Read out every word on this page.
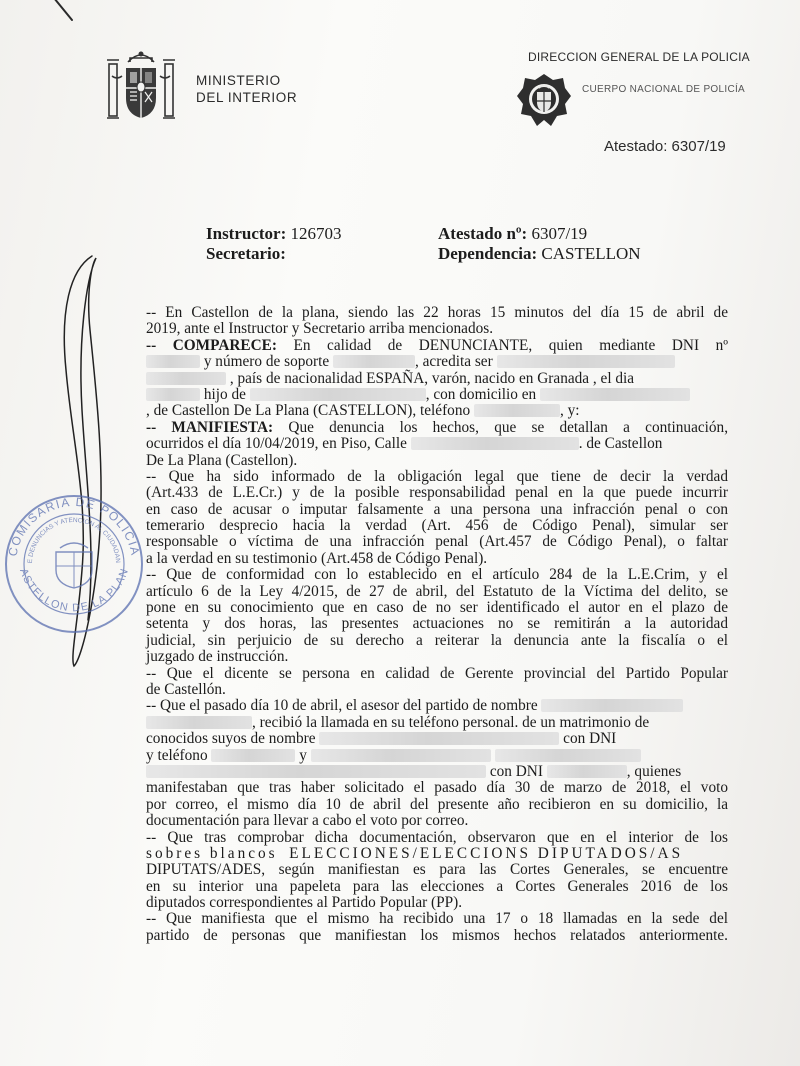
MINISTERIO
DEL INTERIOR
DIRECCION GENERAL DE LA POLICIA
CUERPO NACIONAL DE POLICÍA
Atestado: 6307/19
Instructor: 126703
Secretario:
Atestado nº: 6307/19
Dependencia: CASTELLON
COMISARIA DE POLICIA
E DENUNCIAS Y ATENCION AL CIUDADAN
ASTELLON DE LA PLAN
-- En Castellon de la plana, siendo las 22 horas 15 minutos del día 15 de abril de
2019, ante el Instructor y Secretario arriba mencionados.
-- COMPARECE: En calidad de DENUNCIANTE, quien mediante DNI nº
y número de soporte	, acredita ser
, país de nacionalidad ESPAÑA, varón, nacido en Granada , el dia
hijo de	, con domicilio en
, de Castellon De La Plana (CASTELLON), teléfono	, y:
-- MANIFIESTA: Que denuncia los hechos, que se detallan a continuación,
ocurridos el día 10/04/2019, en Piso, Calle	. de Castellon
De La Plana (Castellon).
-- Que ha sido informado de la obligación legal que tiene de decir la verdad
(Art.433 de L.E.Cr.) y de la posible responsabilidad penal en la que puede incurrir
en caso de acusar o imputar falsamente a una persona una infracción penal o con
temerario desprecio hacia la verdad (Art. 456 de Código Penal), simular ser
responsable o víctima de una infracción penal (Art.457 de Código Penal), o faltar
a la verdad en su testimonio (Art.458 de Código Penal).
-- Que de conformidad con lo establecido en el artículo 284 de la L.E.Crim, y el
artículo 6 de la Ley 4/2015, de 27 de abril, del Estatuto de la Víctima del delito, se
pone en su conocimiento que en caso de no ser identificado el autor en el plazo de
setenta y dos horas, las presentes actuaciones no se remitirán a la autoridad
judicial, sin perjuicio de su derecho a reiterar la denuncia ante la fiscalía o el
juzgado de instrucción.
-- Que el dicente se persona en calidad de Gerente provincial del Partido Popular
de Castellón.
-- Que el pasado día 10 de abril, el asesor del partido de nombre
, recibió la llamada en su teléfono personal. de un matrimonio de
conocidos suyos de nombre	con DNI
y teléfono	y
con DNI	, quienes
manifestaban que tras haber solicitado el pasado día 30 de marzo de 2018, el voto
por correo, el mismo día 10 de abril del presente año recibieron en su domicilio, la
documentación para llevar a cabo el voto por correo.
-- Que tras comprobar dicha documentación, observaron que en el interior de los
sobres blancos ELECCIONES/ELECCIONS DIPUTADOS/AS
DIPUTATS/ADES, según manifiestan es para las Cortes Generales, se encuentre
en su interior una papeleta para las elecciones a Cortes Generales 2016 de los
diputados correspondientes al Partido Popular (PP).
-- Que manifiesta que el mismo ha recibido una 17 o 18 llamadas en la sede del
partido de personas que manifiestan los mismos hechos relatados anteriormente.
